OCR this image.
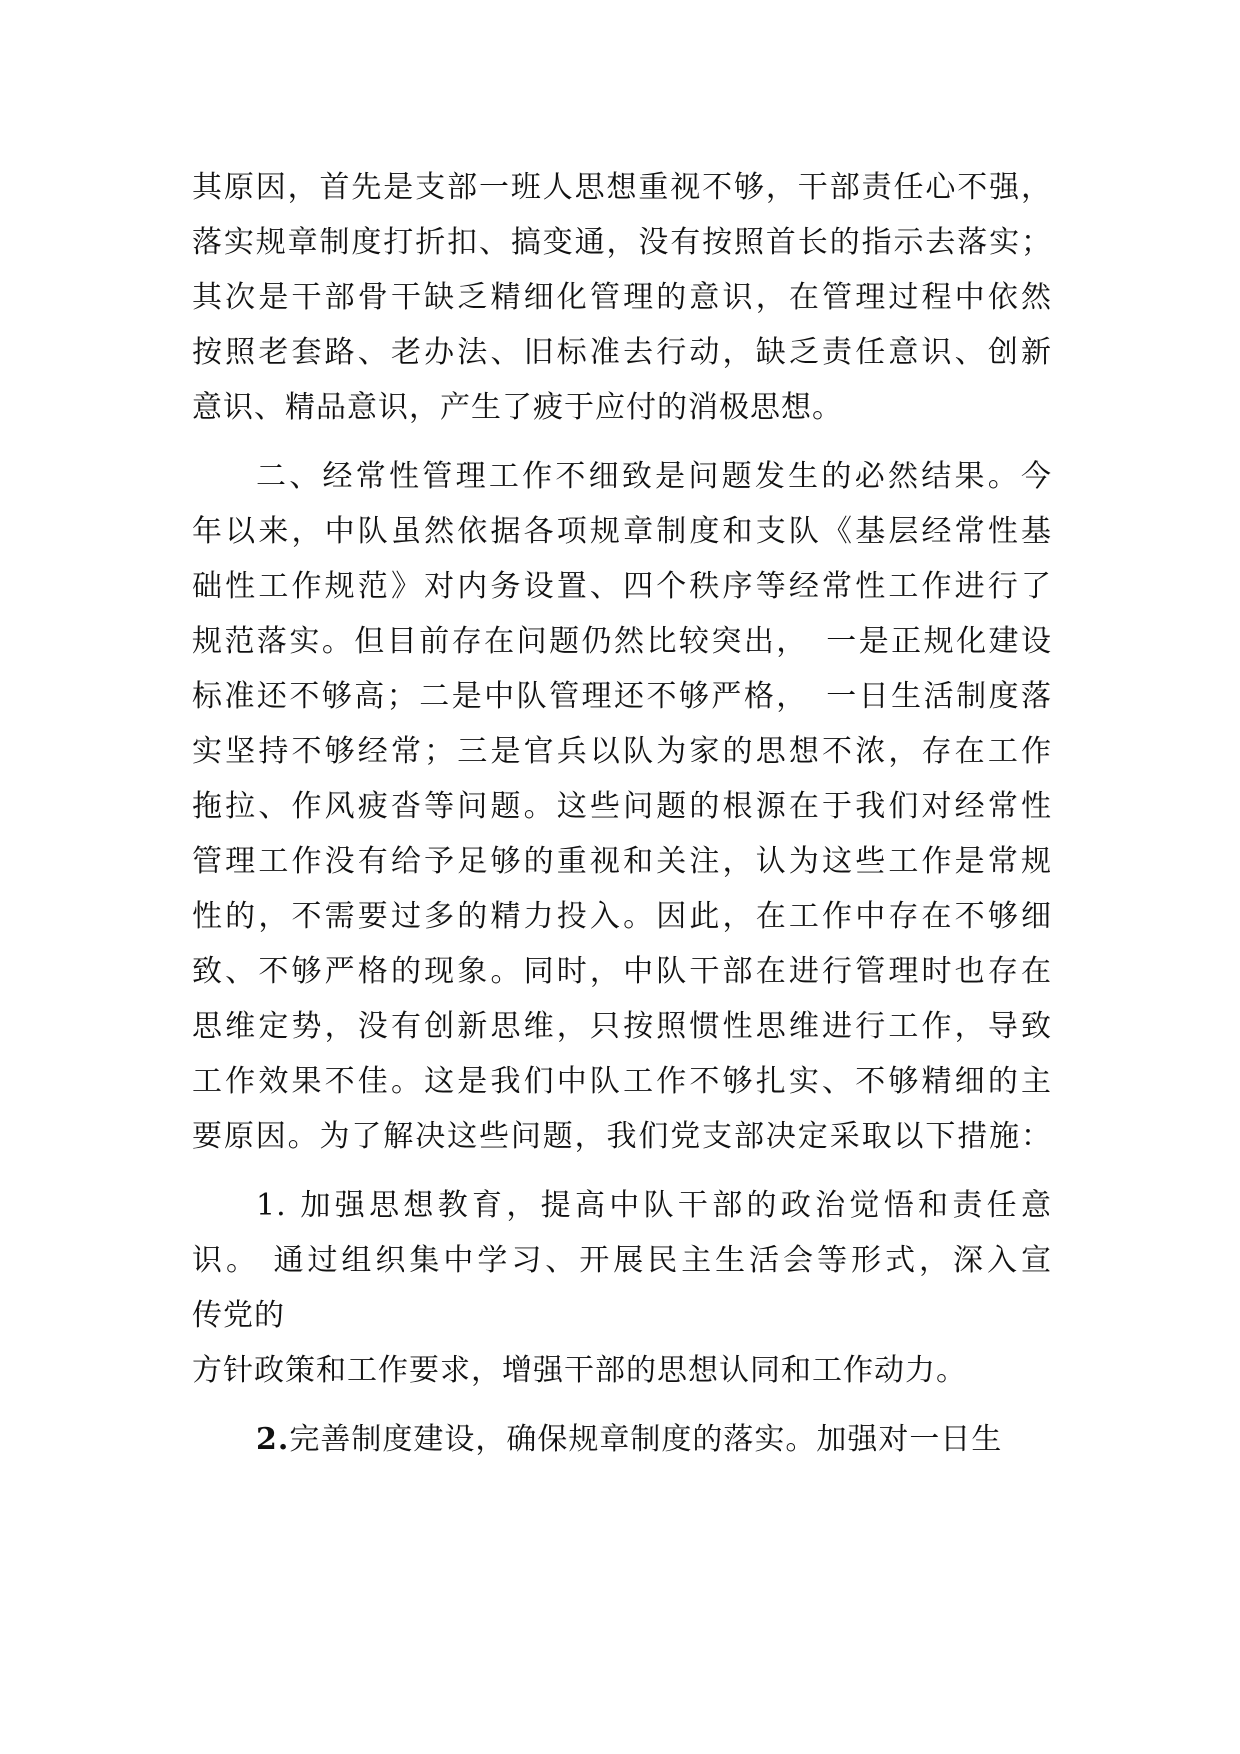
其原因，首先是支部一班人思想重视不够，干部责任心不强，
落实规章制度打折扣、搞变通，没有按照首长的指示去落实；
其次是干部骨干缺乏精细化管理的意识，在管理过程中依然
按照老套路、老办法、旧标准去行动，缺乏责任意识、创新
意识、精品意识，产生了疲于应付的消极思想。
二、经常性管理工作不细致是问题发生的必然结果。今
年以来，中队虽然依据各项规章制度和支队《基层经常性基
础性工作规范》对内务设置、四个秩序等经常性工作进行了
规范落实。但目前存在问题仍然比较突出，　一是正规化建设
标准还不够高；二是中队管理还不够严格，　一日生活制度落
实坚持不够经常；三是官兵以队为家的思想不浓，存在工作
拖拉、作风疲沓等问题。这些问题的根源在于我们对经常性
管理工作没有给予足够的重视和关注，认为这些工作是常规
性的，不需要过多的精力投入。因此，在工作中存在不够细
致、不够严格的现象。同时，中队干部在进行管理时也存在
思维定势，没有创新思维，只按照惯性思维进行工作，导致
工作效果不佳。这是我们中队工作不够扎实、不够精细的主
要原因。为了解决这些问题，我们党支部决定采取以下措施：
1. 加强思想教育，提高中队干部的政治觉悟和责任意
识。 通过组织集中学习、开展民主生活会等形式，深入宣
传党的
方针政策和工作要求，增强干部的思想认同和工作动力。
2.完善制度建设，确保规章制度的落实。加强对一日生
